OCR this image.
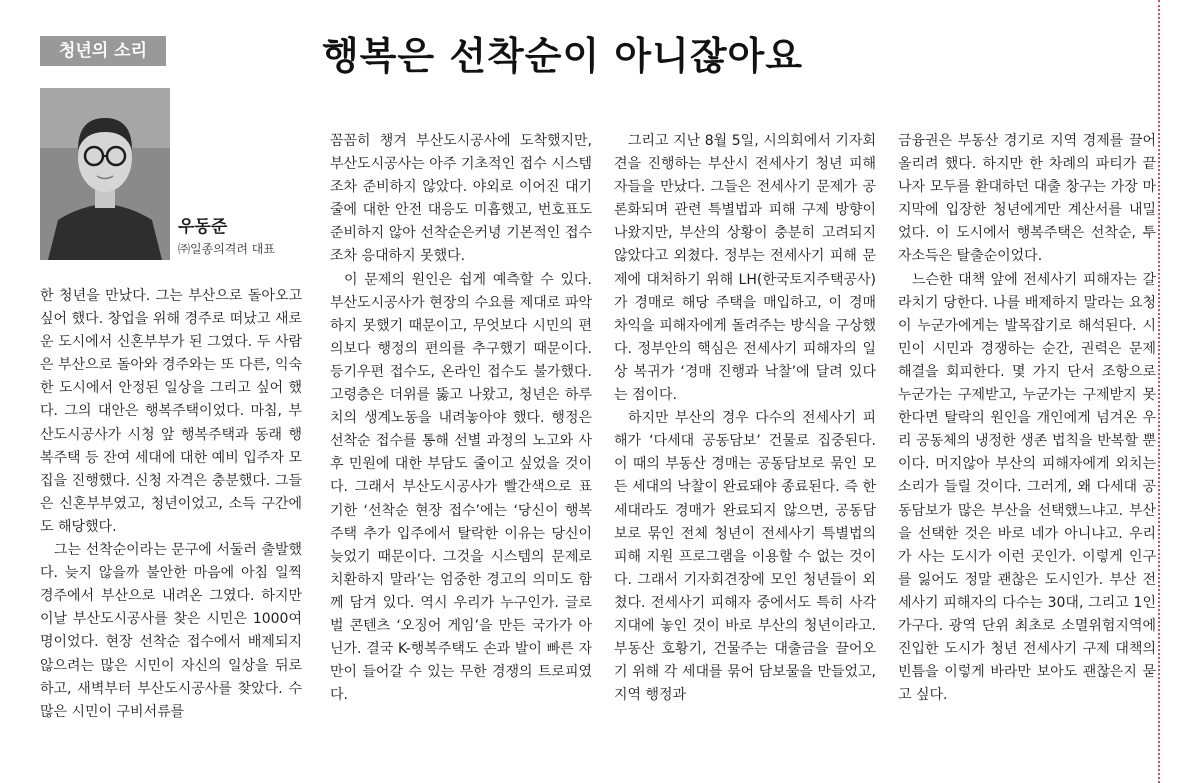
청년의 소리	행복은 선착순이 아니잖아요
우동준
㈜일종의격려 대표

한 청년을 만났다. 그는 부산으로 돌아오고 싶어 했다. 창업을 위해 경주로 떠났고 새로운 도시에서 신혼부부가 된 그였다. 두 사람은 부산으로 돌아와 경주와는 또 다른, 익숙한 도시에서 안정된 일상을 그리고 싶어 했다. 그의 대안은 행복주택이었다. 마침, 부산도시공사가 시청 앞 행복주택과 동래 행복주택 등 잔여 세대에 대한 예비 입주자 모집을 진행했다. 신청 자격은 충분했다. 그들은 신혼부부였고, 청년이었고, 소득 구간에도 해당했다.

그는 선착순이라는 문구에 서둘러 출발했다. 늦지 않을까 불안한 마음에 아침 일찍 경주에서 부산으로 내려온 그였다. 하지만 이날 부산도시공사를 찾은 시민은 1000여 명이었다. 현장 선착순 접수에서 배제되지 않으려는 많은 시민이 자신의 일상을 뒤로 하고, 새벽부터 부산도시공사를 찾았다. 수많은 시민이 구비서류를

꼼꼼히 챙겨 부산도시공사에 도착했지만, 부산도시공사는 아주 기초적인 접수 시스템조차 준비하지 않았다. 야외로 이어진 대기 줄에 대한 안전 대응도 미흡했고, 번호표도 준비하지 않아 선착순은커녕 기본적인 접수조차 응대하지 못했다.

이 문제의 원인은 쉽게 예측할 수 있다. 부산도시공사가 현장의 수요를 제대로 파악하지 못했기 때문이고, 무엇보다 시민의 편의보다 행정의 편의를 추구했기 때문이다. 등기우편 접수도, 온라인 접수도 불가했다. 고령층은 더위를 뚫고 나왔고, 청년은 하루치의 생계노동을 내려놓아야 했다. 행정은 선착순 접수를 통해 선별 과정의 노고와 사후 민원에 대한 부담도 줄이고 싶었을 것이다. 그래서 부산도시공사가 빨간색으로 표기한 ‘선착순 현장 접수’에는 ‘당신이 행복주택 추가 입주에서 탈락한 이유는 당신이 늦었기 때문이다. 그것을 시스템의 문제로 치환하지 말라’는 엄중한 경고의 의미도 함께 담겨 있다. 역시 우리가 누구인가. 글로벌 콘텐츠 ‘오징어 게임’을 만든 국가가 아닌가. 결국 K-행복주택도 손과 발이 빠른 자만이 들어갈 수 있는 무한 경쟁의 트로피였다.

그리고 지난 8월 5일, 시의회에서 기자회견을 진행하는 부산시 전세사기 청년 피해자들을 만났다. 그들은 전세사기 문제가 공론화되며 관련 특별법과 피해 구제 방향이 나왔지만, 부산의 상황이 충분히 고려되지 않았다고 외쳤다. 정부는 전세사기 피해 문제에 대처하기 위해 LH(한국토지주택공사)가 경매로 해당 주택을 매입하고, 이 경매 차익을 피해자에게 돌려주는 방식을 구상했다. 정부안의 핵심은 전세사기 피해자의 일상 복귀가 ‘경매 진행과 낙찰’에 달려 있다는 점이다.

하지만 부산의 경우 다수의 전세사기 피해가 ‘다세대 공동담보’ 건물로 집중된다. 이 때의 부동산 경매는 공동담보로 묶인 모든 세대의 낙찰이 완료돼야 종료된다. 즉 한 세대라도 경매가 완료되지 않으면, 공동담보로 묶인 전체 청년이 전세사기 특별법의 피해 지원 프로그램을 이용할 수 없는 것이다. 그래서 기자회견장에 모인 청년들이 외쳤다. 전세사기 피해자 중에서도 특히 사각지대에 놓인 것이 바로 부산의 청년이라고. 부동산 호황기, 건물주는 대출금을 끌어오기 위해 각 세대를 묶어 담보물을 만들었고, 지역 행정과

금융권은 부동산 경기로 지역 경제를 끌어올리려 했다. 하지만 한 차례의 파티가 끝나자 모두를 환대하던 대출 창구는 가장 마지막에 입장한 청년에게만 계산서를 내밀었다. 이 도시에서 행복주택은 선착순, 투자소득은 탈출순이었다.

느슨한 대책 앞에 전세사기 피해자는 갈라치기 당한다. 나를 배제하지 말라는 요청이 누군가에게는 발목잡기로 해석된다. 시민이 시민과 경쟁하는 순간, 권력은 문제 해결을 회피한다. 몇 가지 단서 조항으로 누군가는 구제받고, 누군가는 구제받지 못한다면 탈락의 원인을 개인에게 넘겨온 우리 공동체의 냉정한 생존 법칙을 반복할 뿐이다. 머지않아 부산의 피해자에게 외치는 소리가 들릴 것이다. 그러게, 왜 다세대 공동담보가 많은 부산을 선택했느냐고. 부산을 선택한 것은 바로 네가 아니냐고. 우리가 사는 도시가 이런 곳인가. 이렇게 인구를 잃어도 정말 괜찮은 도시인가. 부산 전세사기 피해자의 다수는 30대, 그리고 1인 가구다. 광역 단위 최초로 소멸위험지역에 진입한 도시가 청년 전세사기 구제 대책의 빈틈을 이렇게 바라만 보아도 괜찮은지 묻고 싶다.
